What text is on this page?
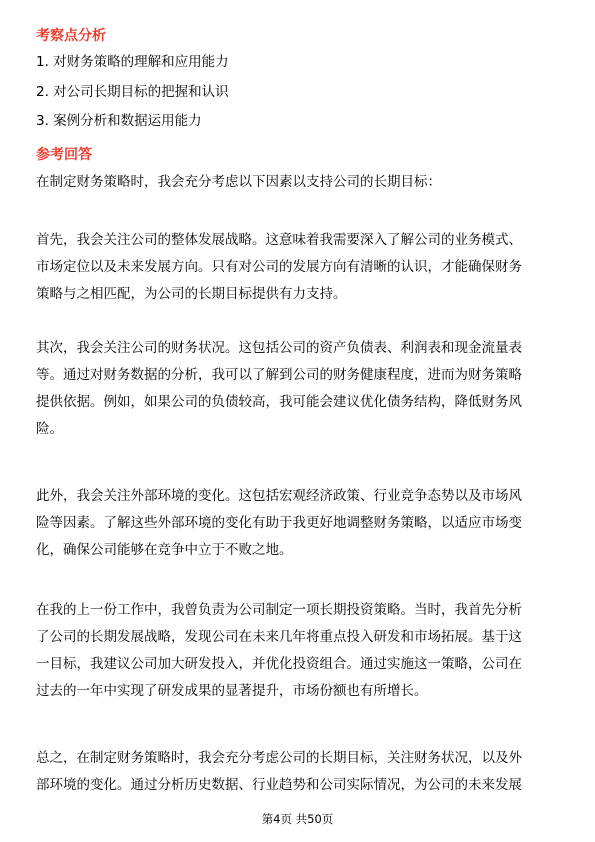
考察点分析
1. 对财务策略的理解和应用能力
2. 对公司长期目标的把握和认识
3. 案例分析和数据运用能力
参考回答
在制定财务策略时，我会充分考虑以下因素以支持公司的长期目标：
首先，我会关注公司的整体发展战略。这意味着我需要深入了解公司的业务模式、
市场定位以及未来发展方向。只有对公司的发展方向有清晰的认识，才能确保财务
策略与之相匹配，为公司的长期目标提供有力支持。
其次，我会关注公司的财务状况。这包括公司的资产负债表、利润表和现金流量表
等。通过对财务数据的分析，我可以了解到公司的财务健康程度，进而为财务策略
提供依据。例如，如果公司的负债较高，我可能会建议优化债务结构，降低财务风
险。
此外，我会关注外部环境的变化。这包括宏观经济政策、行业竞争态势以及市场风
险等因素。了解这些外部环境的变化有助于我更好地调整财务策略，以适应市场变
化，确保公司能够在竞争中立于不败之地。
在我的上一份工作中，我曾负责为公司制定一项长期投资策略。当时，我首先分析
了公司的长期发展战略，发现公司在未来几年将重点投入研发和市场拓展。基于这
一目标，我建议公司加大研发投入，并优化投资组合。通过实施这一策略，公司在
过去的一年中实现了研发成果的显著提升，市场份额也有所增长。
总之，在制定财务策略时，我会充分考虑公司的长期目标，关注财务状况，以及外
部环境的变化。通过分析历史数据、行业趋势和公司实际情况，为公司的未来发展
第4页 共50页
